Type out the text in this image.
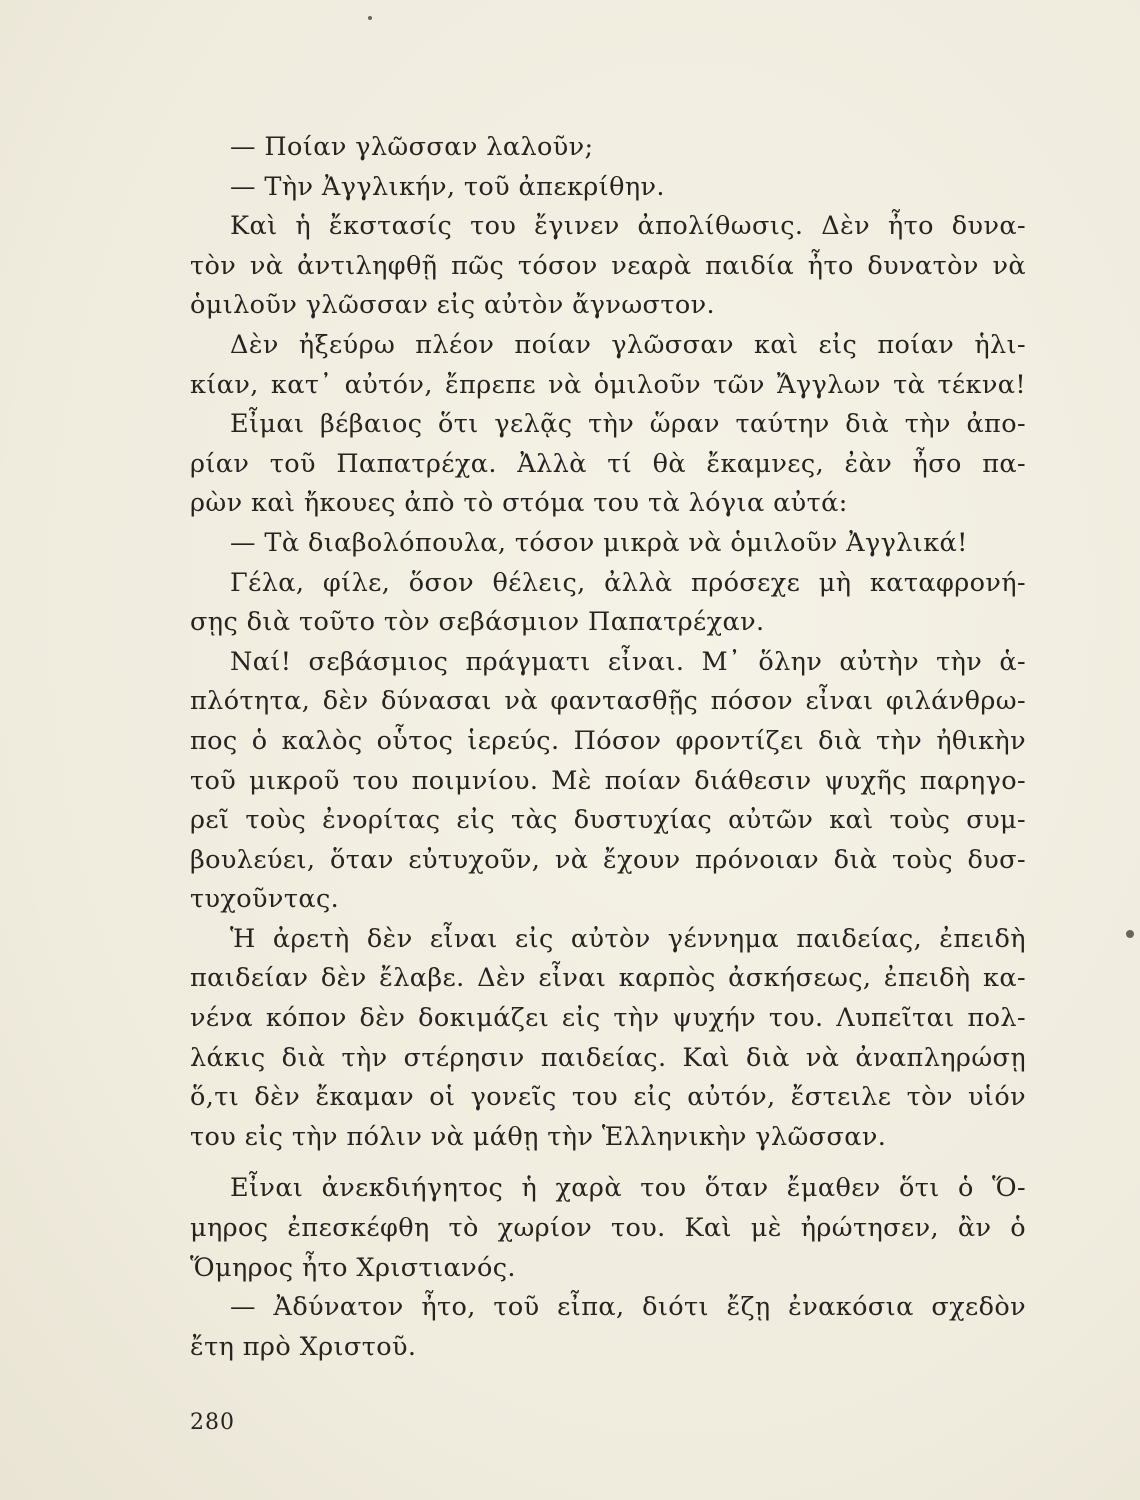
— Ποίαν γλῶσσαν λαλοῦν;
— Τὴν Ἀγγλικήν, τοῦ ἀπεκρίθην.
Καὶ ἡ ἔκστασίς του ἔγινεν ἀπολίθωσις. Δὲν ἦτο δυνα-
τὸν νὰ ἀντιληφθῇ πῶς τόσον νεαρὰ παιδία ἦτο δυνατὸν νὰ
ὁμιλοῦν γλῶσσαν εἰς αὐτὸν ἄγνωστον.
Δὲν ἠξεύρω πλέον ποίαν γλῶσσαν καὶ εἰς ποίαν ἡλι-
κίαν, κατ᾽ αὐτόν, ἔπρεπε νὰ ὁμιλοῦν τῶν Ἄγγλων τὰ τέκνα!
Εἶμαι βέβαιος ὅτι γελᾷς τὴν ὥραν ταύτην διὰ τὴν ἀπο-
ρίαν τοῦ Παπατρέχα. Ἀλλὰ τί θὰ ἔκαμνες, ἐὰν ἦσο πα-
ρὼν καὶ ἤκουες ἀπὸ τὸ στόμα του τὰ λόγια αὐτά:
— Τὰ διαβολόπουλα, τόσον μικρὰ νὰ ὁμιλοῦν Ἀγγλικά!
Γέλα, φίλε, ὅσον θέλεις, ἀλλὰ πρόσεχε μὴ καταφρονή-
σῃς διὰ τοῦτο τὸν σεβάσμιον Παπατρέχαν.
Ναί! σεβάσμιος πράγματι εἶναι. Μ᾽ ὅλην αὐτὴν τὴν ἁ-
πλότητα, δὲν δύνασαι νὰ φαντασθῇς πόσον εἶναι φιλάνθρω-
πος ὁ καλὸς οὗτος ἱερεύς. Πόσον φροντίζει διὰ τὴν ἠθικὴν
τοῦ μικροῦ του ποιμνίου. Μὲ ποίαν διάθεσιν ψυχῆς παρηγο-
ρεῖ τοὺς ἐνορίτας εἰς τὰς δυστυχίας αὐτῶν καὶ τοὺς συμ-
βουλεύει, ὅταν εὐτυχοῦν, νὰ ἔχουν πρόνοιαν διὰ τοὺς δυσ-
τυχοῦντας.
Ἡ ἀρετὴ δὲν εἶναι εἰς αὐτὸν γέννημα παιδείας, ἐπειδὴ
παιδείαν δὲν ἔλαβε. Δὲν εἶναι καρπὸς ἀσκήσεως, ἐπειδὴ κα-
νένα κόπον δὲν δοκιμάζει εἰς τὴν ψυχήν του. Λυπεῖται πολ-
λάκις διὰ τὴν στέρησιν παιδείας. Καὶ διὰ νὰ ἀναπληρώσῃ
ὅ,τι δὲν ἔκαμαν οἱ γονεῖς του εἰς αὐτόν, ἔστειλε τὸν υἱόν
του εἰς τὴν πόλιν νὰ μάθῃ τὴν Ἑλληνικὴν γλῶσσαν.
Εἶναι ἀνεκδιήγητος ἡ χαρὰ του ὅταν ἔμαθεν ὅτι ὁ Ὅ-
μηρος ἐπεσκέφθη τὸ χωρίον του. Καὶ μὲ ἠρώτησεν, ἂν ὁ
Ὅμηρος ἦτο Χριστιανός.
— Ἀδύνατον ἦτο, τοῦ εἶπα, διότι ἔζῃ ἐνακόσια σχεδὸν
ἔτη πρὸ Χριστοῦ.
280
